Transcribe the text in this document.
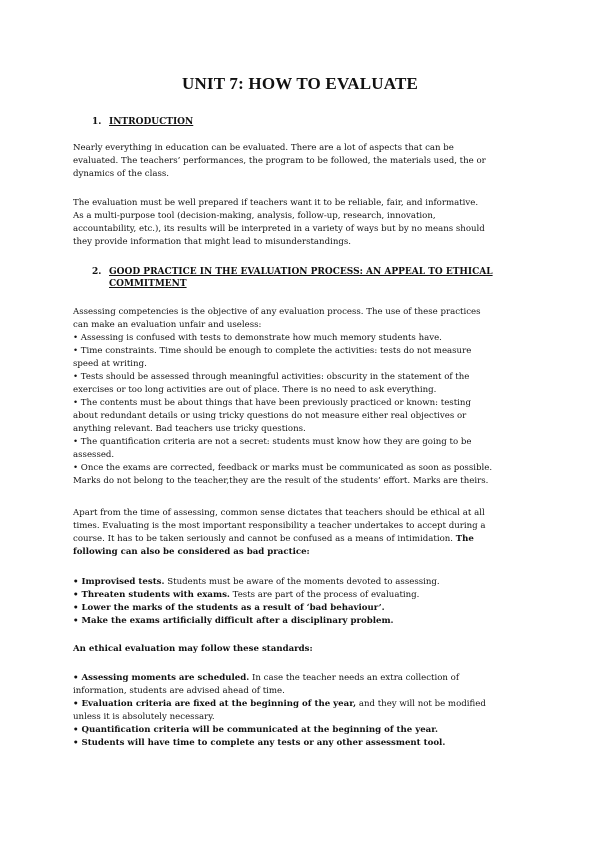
UNIT 7: HOW TO EVALUATE
1. INTRODUCTION
Nearly everything in education can be evaluated. There are a lot of aspects that can be
evaluated. The teachers’ performances, the program to be followed, the materials used, the or
dynamics of the class.
The evaluation must be well prepared if teachers want it to be reliable, fair, and informative.
As a multi-purpose tool (decision-making, analysis, follow-up, research, innovation,
accountability, etc.), its results will be interpreted in a variety of ways but by no means should
they provide information that might lead to misunderstandings.
2. GOOD PRACTICE IN THE EVALUATION PROCESS: AN APPEAL TO ETHICAL
COMMITMENT
Assessing competencies is the objective of any evaluation process. The use of these practices
can make an evaluation unfair and useless:
• Assessing is confused with tests to demonstrate how much memory students have.
• Time constraints. Time should be enough to complete the activities: tests do not measure
speed at writing.
• Tests should be assessed through meaningful activities: obscurity in the statement of the
exercises or too long activities are out of place. There is no need to ask everything.
• The contents must be about things that have been previously practiced or known: testing
about redundant details or using tricky questions do not measure either real objectives or
anything relevant. Bad teachers use tricky questions.
• The quantification criteria are not a secret: students must know how they are going to be
assessed.
• Once the exams are corrected, feedback or marks must be communicated as soon as possible.
Marks do not belong to the teacher,they are the result of the students’ effort. Marks are theirs.
Apart from the time of assessing, common sense dictates that teachers should be ethical at all
times. Evaluating is the most important responsibility a teacher undertakes to accept during a
course. It has to be taken seriously and cannot be confused as a means of intimidation. The
following can also be considered as bad practice:
• Improvised tests. Students must be aware of the moments devoted to assessing.
• Threaten students with exams. Tests are part of the process of evaluating.
• Lower the marks of the students as a result of ‘bad behaviour’.
• Make the exams artificially difficult after a disciplinary problem.
An ethical evaluation may follow these standards:
• Assessing moments are scheduled. In case the teacher needs an extra collection of
information, students are advised ahead of time.
• Evaluation criteria are fixed at the beginning of the year, and they will not be modified
unless it is absolutely necessary.
• Quantification criteria will be communicated at the beginning of the year.
• Students will have time to complete any tests or any other assessment tool.
